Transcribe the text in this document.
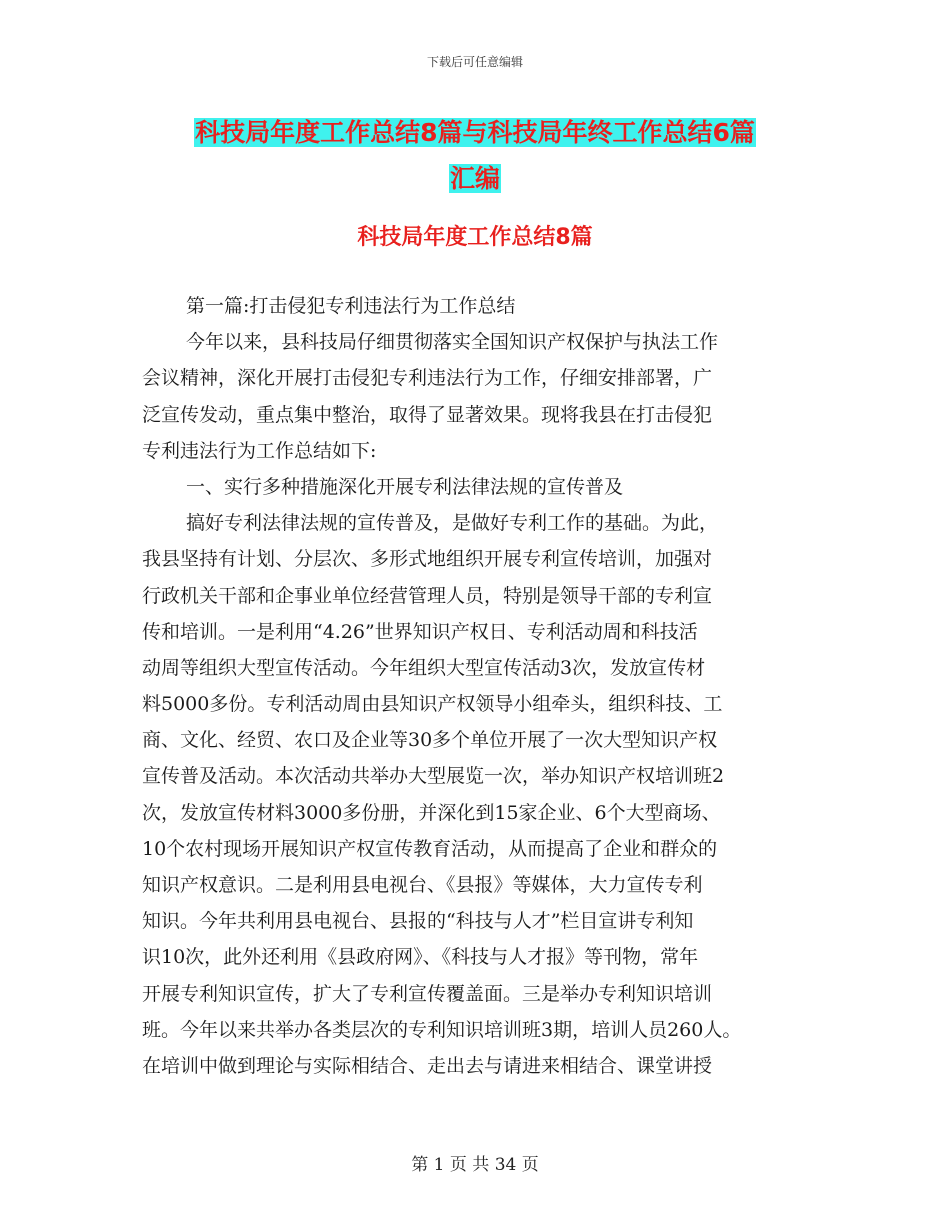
下载后可任意编辑
科技局年度工作总结8篇与科技局年终工作总结6篇
汇编
科技局年度工作总结8篇
第一篇:打击侵犯专利违法行为工作总结
今年以来，县科技局仔细贯彻落实全国知识产权保护与执法工作
会议精神，深化开展打击侵犯专利违法行为工作，仔细安排部署，广
泛宣传发动，重点集中整治，取得了显著效果。现将我县在打击侵犯
专利违法行为工作总结如下:
一、实行多种措施深化开展专利法律法规的宣传普及
搞好专利法律法规的宣传普及，是做好专利工作的基础。为此，
我县坚持有计划、分层次、多形式地组织开展专利宣传培训，加强对
行政机关干部和企事业单位经营管理人员，特别是领导干部的专利宣
传和培训。一是利用“4.26”世界知识产权日、专利活动周和科技活
动周等组织大型宣传活动。今年组织大型宣传活动3次，发放宣传材
料5000多份。专利活动周由县知识产权领导小组牵头，组织科技、工
商、文化、经贸、农口及企业等30多个单位开展了一次大型知识产权
宣传普及活动。本次活动共举办大型展览一次，举办知识产权培训班2
次，发放宣传材料3000多份册，并深化到15家企业、6个大型商场、
10个农村现场开展知识产权宣传教育活动，从而提高了企业和群众的
知识产权意识。二是利用县电视台、《县报》等媒体，大力宣传专利
知识。今年共利用县电视台、县报的“科技与人才”栏目宣讲专利知
识10次，此外还利用《县政府网》、《科技与人才报》等刊物，常年
开展专利知识宣传，扩大了专利宣传覆盖面。三是举办专利知识培训
班。今年以来共举办各类层次的专利知识培训班3期，培训人员260人。
在培训中做到理论与实际相结合、走出去与请进来相结合、课堂讲授
第 1 页 共 34 页
